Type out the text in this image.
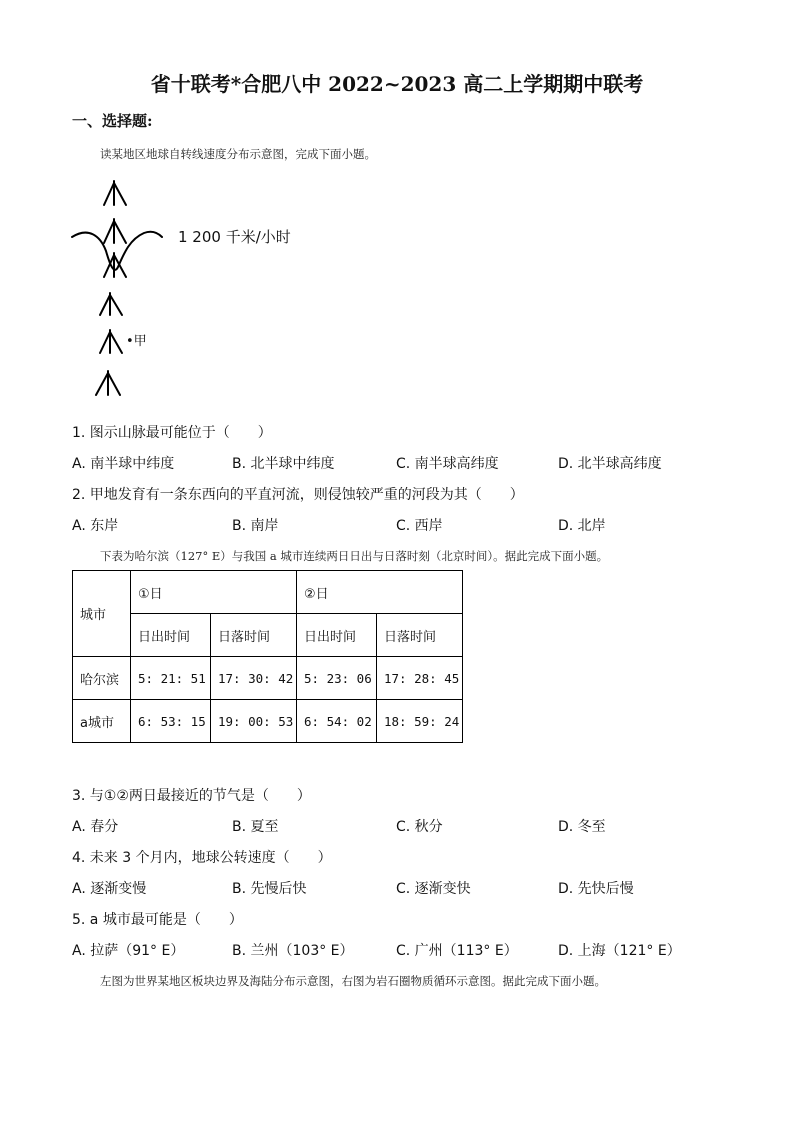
省十联考*合肥八中 2022~2023 高二上学期期中联考
一、选择题:
读某地区地球自转线速度分布示意图，完成下面小题。
1 200 千米/小时
•甲
1. 图示山脉最可能位于（　　）
A. 南半球中纬度	B. 北半球中纬度	C. 南半球高纬度	D. 北半球高纬度
2. 甲地发育有一条东西向的平直河流，则侵蚀较严重的河段为其（　　）
A. 东岸	B. 南岸	C. 西岸	D. 北岸
下表为哈尔滨（127° E）与我国 a 城市连续两日日出与日落时刻（北京时间）。据此完成下面小题。
城市	①日		②日	
	日出时间	日落时间	日出时间	日落时间
哈尔滨	5: 21: 51	17: 30: 42	5: 23: 06	17: 28: 45
a城市	6: 53: 15	19: 00: 53	6: 54: 02	18: 59: 24
3. 与①②两日最接近的节气是（　　）
A. 春分	B. 夏至	C. 秋分	D. 冬至
4. 未来 3 个月内，地球公转速度（　　）
A. 逐渐变慢	B. 先慢后快	C. 逐渐变快	D. 先快后慢
5. a 城市最可能是（　　）
A. 拉萨（91° E）	B. 兰州（103° E）	C. 广州（113° E）	D. 上海（121° E）
左图为世界某地区板块边界及海陆分布示意图，右图为岩石圈物质循环示意图。据此完成下面小题。
